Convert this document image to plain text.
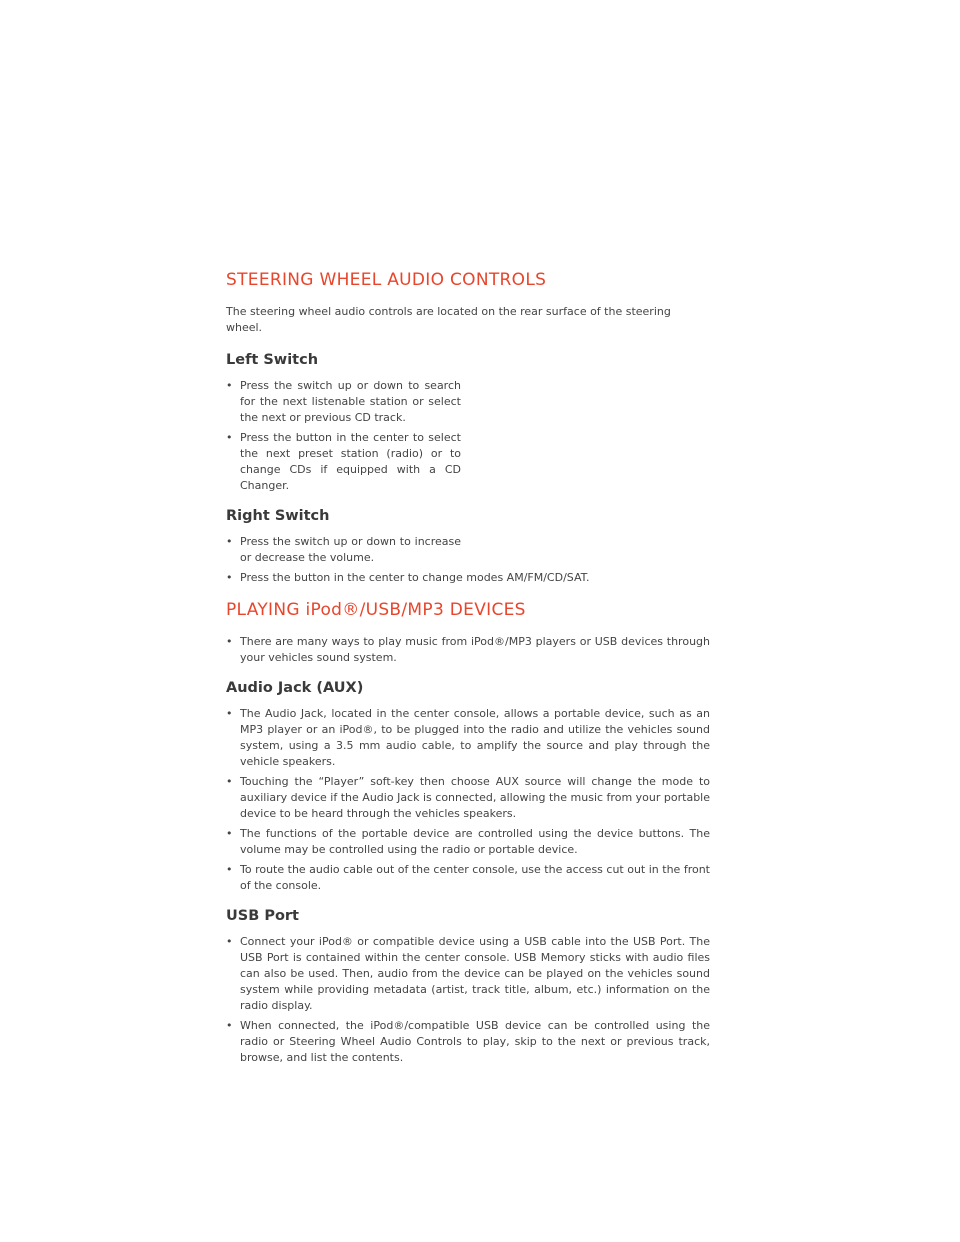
STEERING WHEEL AUDIO CONTROLS

The steering wheel audio controls are located on the rear surface of the steering wheel.

Left Switch
• Press the switch up or down to search for the next listenable station or select the next or previous CD track.
• Press the button in the center to select the next preset station (radio) or to change CDs if equipped with a CD Changer.
Right Switch
• Press the switch up or down to increase or decrease the volume.
• Press the button in the center to change modes AM/FM/CD/SAT.
PLAYING iPod®/USB/MP3 DEVICES
• There are many ways to play music from iPod®/MP3 players or USB devices through your vehicles sound system.
Audio Jack (AUX)
• The Audio Jack, located in the center console, allows a portable device, such as an MP3 player or an iPod®, to be plugged into the radio and utilize the vehicles sound system, using a 3.5 mm audio cable, to amplify the source and play through the vehicle speakers.
• Touching the “Player” soft-key then choose AUX source will change the mode to auxiliary device if the Audio Jack is connected, allowing the music from your portable device to be heard through the vehicles speakers.
• The functions of the portable device are controlled using the device buttons. The volume may be controlled using the radio or portable device.
• To route the audio cable out of the center console, use the access cut out in the front of the console.
USB Port
• Connect your iPod® or compatible device using a USB cable into the USB Port. The USB Port is contained within the center console. USB Memory sticks with audio files can also be used. Then, audio from the device can be played on the vehicles sound system while providing metadata (artist, track title, album, etc.) information on the radio display.
• When connected, the iPod®/compatible USB device can be controlled using the radio or Steering Wheel Audio Controls to play, skip to the next or previous track, browse, and list the contents.
